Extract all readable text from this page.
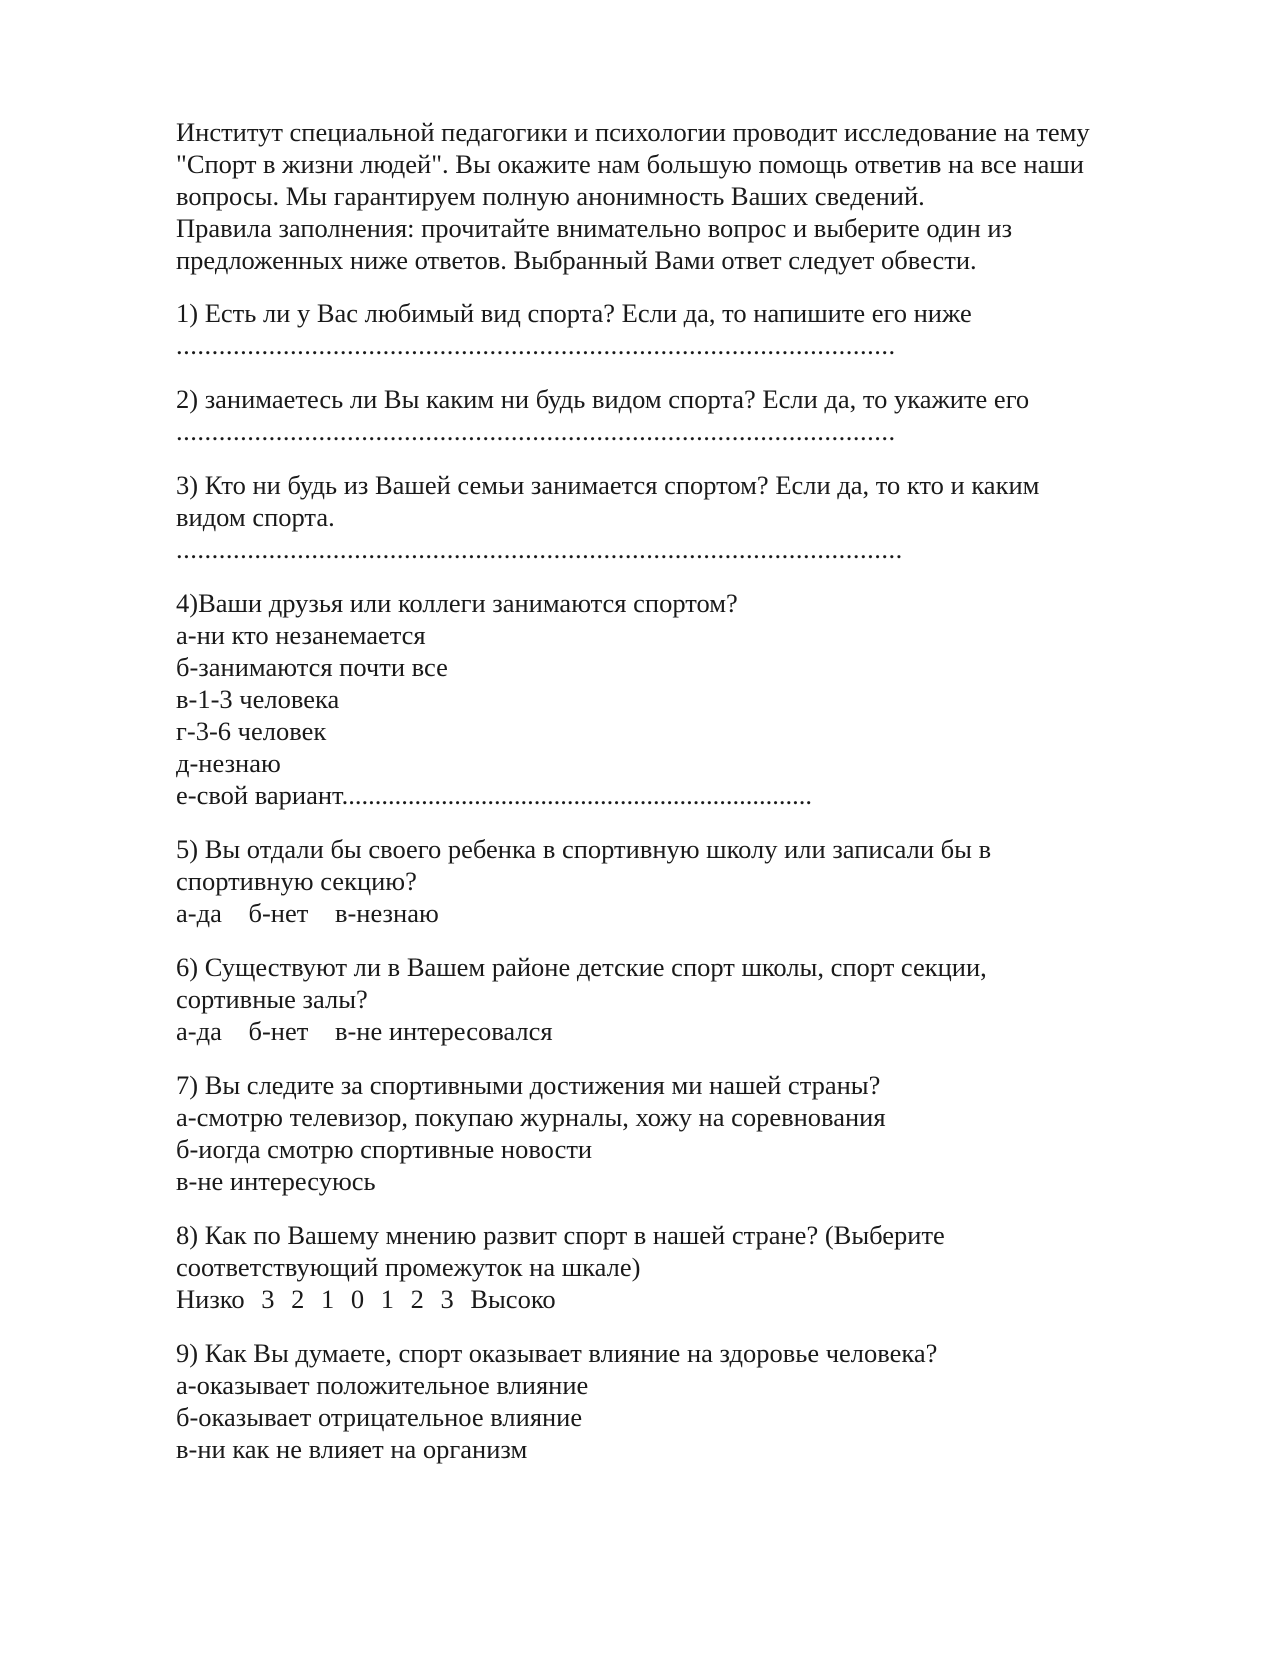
Институт специальной педагогики и психологии проводит исследование на тему
"Спорт в жизни людей". Вы окажите нам большую помощь ответив на все наши
вопросы. Мы гарантируем полную анонимность Ваших сведений.
Правила заполнения: прочитайте внимательно вопрос и выберите один из
предложенных ниже ответов. Выбранный Вами ответ следует обвести.
1) Есть ли у Вас любимый вид спорта? Если да, то напишите его ниже
.....................................................................................................
2) занимаетесь ли Вы каким ни будь видом спорта? Если да, то укажите его
.....................................................................................................
3) Кто ни будь из Вашей семьи занимается спортом? Если да, то кто и каким
видом спорта.
......................................................................................................
4)Ваши друзья или коллеги занимаются спортом?
а-ни кто незанемается
б-занимаются почти все
в-1-3 человека
г-3-6 человек
д-незнаю
е-свой вариант.......................................................................
5) Вы отдали бы своего ребенка в спортивную школу или записали бы в
спортивную секцию?
а-да б-нет в-незнаю
6) Существуют ли в Вашем районе детские спорт школы, спорт секции,
сортивные залы?
а-да б-нет в-не интересовался
7) Вы следите за спортивными достижения ми нашей страны?
а-смотрю телевизор, покупаю журналы, хожу на соревнования
б-иогда смотрю спортивные новости
в-не интересуюсь
8) Как по Вашему мнению развит спорт в нашей стране? (Выберите
соответствующий промежуток на шкале)
Низко 3 2 1 0 1 2 3 Высоко
9) Как Вы думаете, спорт оказывает влияние на здоровье человека?
а-оказывает положительное влияние
б-оказывает отрицательное влияние
в-ни как не влияет на организм
